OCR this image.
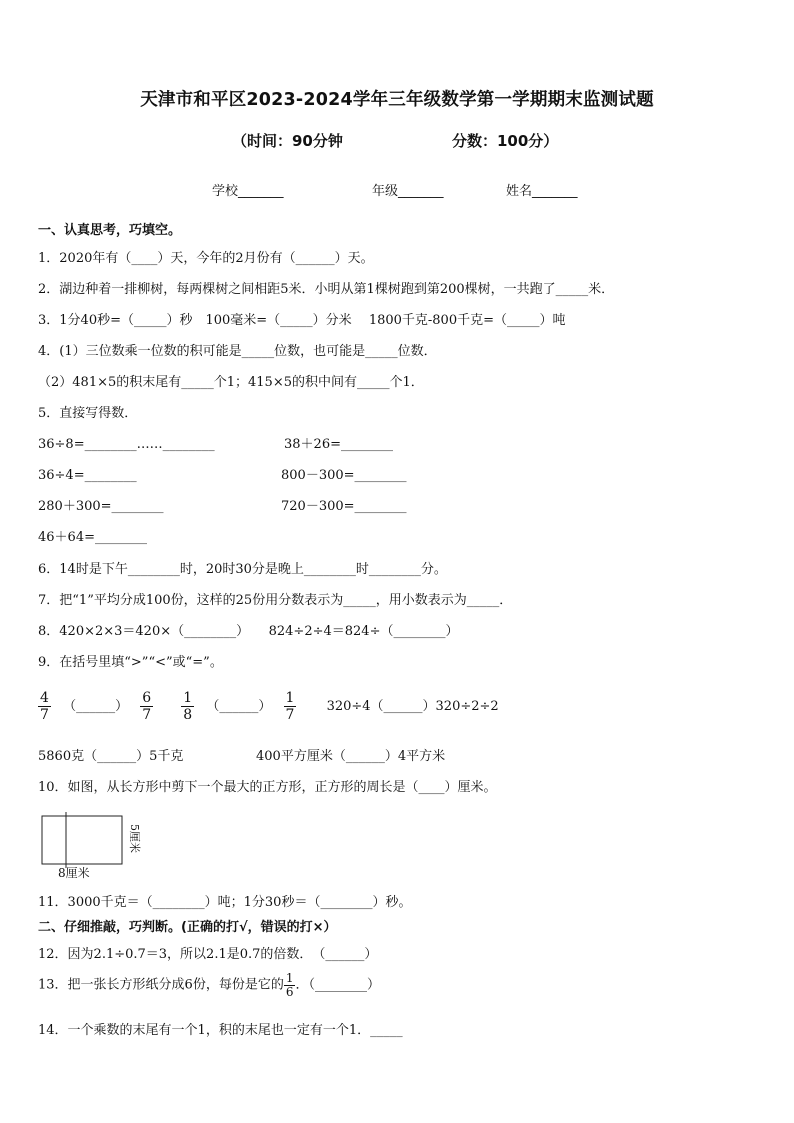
天津市和平区2023-2024学年三年级数学第一学期期末监测试题
（时间：90分钟	分数：100分）
学校_______	年级_______	姓名_______
一、认真思考，巧填空。
1．2020年有（____）天，今年的2月份有（______）天。
2．湖边种着一排柳树，每两棵树之间相距5米．小明从第1棵树跑到第200棵树，一共跑了_____米．
3．1分40秒=（_____）秒　100毫米=（_____）分米　 1800千克-800千克=（_____）吨
4．(1）三位数乘一位数的积可能是_____位数，也可能是_____位数．
（2）481×5的积末尾有_____个1；415×5的积中间有_____个1．
5．直接写得数．
36÷8=________……________	38＋26=________
36÷4=________	800－300=________
280＋300=________	720－300=________
46＋64=________
6．14时是下午________时，20时30分是晚上________时________分。
7．把“1”平均分成100份，这样的25份用分数表示为_____，用小数表示为_____．
8．420×2×3＝420×（________）　　824÷2÷4＝824÷（________）
9．在括号里填“>”“<”或“=”。
$\frac{4}{7}$ （______） $\frac{6}{7}$
$\frac{1}{8}$ （______） $\frac{1}{7}$ 320÷4（______）320÷2÷2
5860克（______）5千克	400平方厘米（______）4平方米
10．如图，从长方形中剪下一个最大的正方形，正方形的周长是（____）厘米。
8厘米
5厘米
11．3000千克＝（________）吨；1分30秒＝（________）秒。
二、仔细推敲，巧判断。(正确的打√，错误的打×）
12．因为2.1÷0.7＝3，所以2.1是0.7的倍数．　（______）
13．把一张长方形纸分成6份，每份是它的 $\frac{1}{6}$ ．（________）
14．一个乘数的末尾有一个1，积的末尾也一定有一个1．_____
